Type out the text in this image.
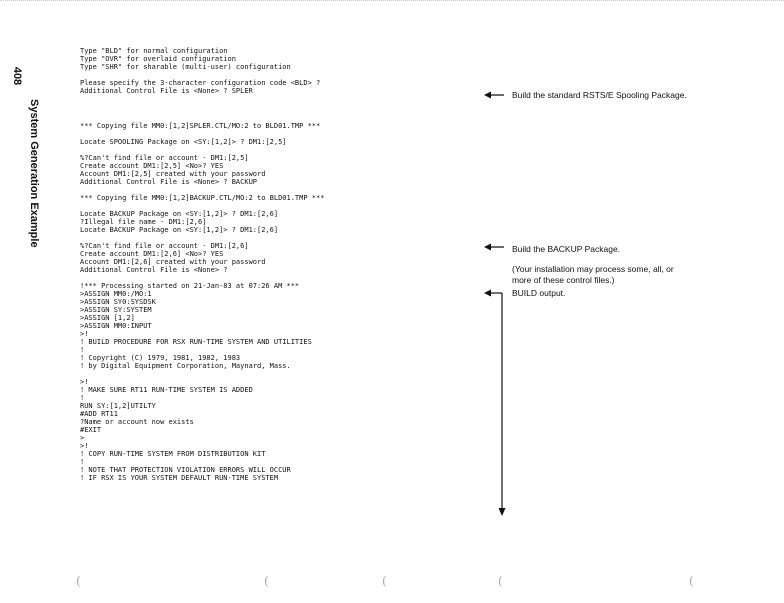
408
System Generation Example
Type "BLD" for normal configuration
Type "OVR" for overlaid configuration
Type "SHR" for sharable (multi-user) configuration
Please specify the 3-character configuration code <BLD> ?
Additional Control File is <None> ? SPLER
*** Copying file MM0:[1,2]SPLER.CTL/MO:2 to BLD01.TMP ***
Locate SPOOLING Package on <SY:[1,2]> ? DM1:[2,5]
%?Can't find file or account - DM1:[2,5]
Create account DM1:[2,5] <No>? YES
Account DM1:[2,5] created with your password
Additional Control File is <None> ? BACKUP
*** Copying file MM0:[1,2]BACKUP.CTL/MO:2 to BLD01.TMP ***
Locate BACKUP Package on <SY:[1,2]> ? DM1:[2,6]
?Illegal file name - DM1:[2,6]
Locate BACKUP Package on <SY:[1,2]> ? DM1:[2,6]
%?Can't find file or account - DM1:[2,6]
Create account DM1:[2,6] <No>? YES
Account DM1:[2,6] created with your password
Additional Control File is <None> ?
!*** Processing started on 21-Jan-83 at 07:26 AM ***
>ASSIGN MM0:/MO:1
>ASSIGN SY0:SYSDSK
>ASSIGN SY:SYSTEM
>ASSIGN [1,2]
>ASSIGN MM0:INPUT
>!
! BUILD PROCEDURE FOR RSX RUN-TIME SYSTEM AND UTILITIES
!
! Copyright (C) 1979, 1981, 1982, 1983
! by Digital Equipment Corporation, Maynard, Mass.
>!
! MAKE SURE RT11 RUN-TIME SYSTEM IS ADDED
!
RUN SY:[1,2]UTILTY
#ADD RT11
?Name or account now exists
#EXIT
>
>!
! COPY RUN-TIME SYSTEM FROM DISTRIBUTION KIT
!
! NOTE THAT PROTECTION VIOLATION ERRORS WILL OCCUR
! IF RSX IS YOUR SYSTEM DEFAULT RUN-TIME SYSTEM
Build the standard RSTS/E Spooling Package.
Build the BACKUP Package.
(Your installation may process some, all, or
more of these control files.)
BUILD output.
(	(	(	(	(
